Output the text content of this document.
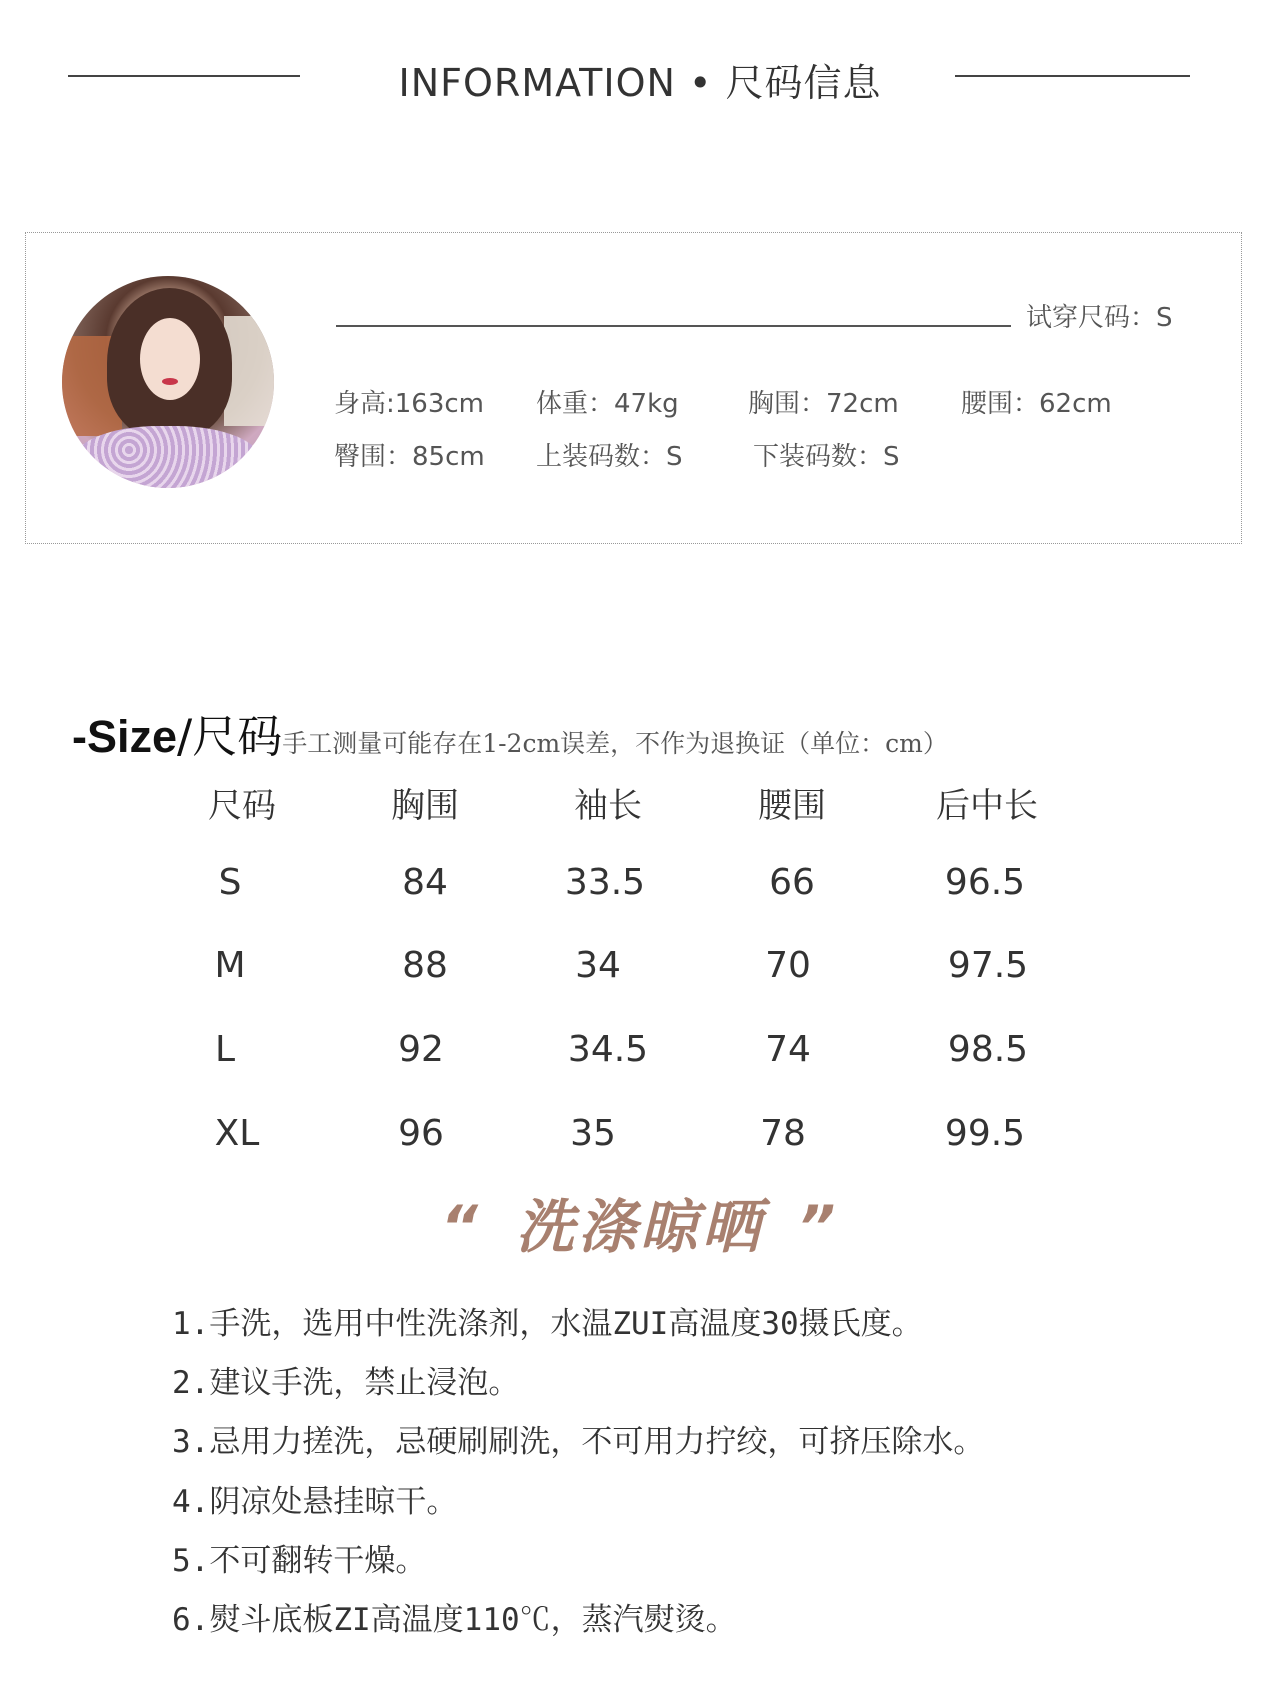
INFORMATION • 尺码信息
试穿尺码：S
身高:163cm 体重：47kg	胸围：72cm 腰围：62cm
臀围：85cm 上装码数：S	下装码数：S
-Size/尺码手工测量可能存在1-2cm误差，不作为退换证（单位：cm）
尺码	胸围	袖长	腰围	后中长
S	84	33.5	66	96.5
M	88	34	70	97.5
L	92	34.5	74	98.5
XL	96	35	78	99.5
“ 洗涤晾晒 ”
1.手洗，选用中性洗涤剂，水温ZUI高温度30摄氏度。
2.建议手洗，禁止浸泡。
3.忌用力搓洗，忌硬刷刷洗，不可用力拧绞，可挤压除水。
4.阴凉处悬挂晾干。
5.不可翻转干燥。
6.熨斗底板ZI高温度110℃，蒸汽熨烫。
